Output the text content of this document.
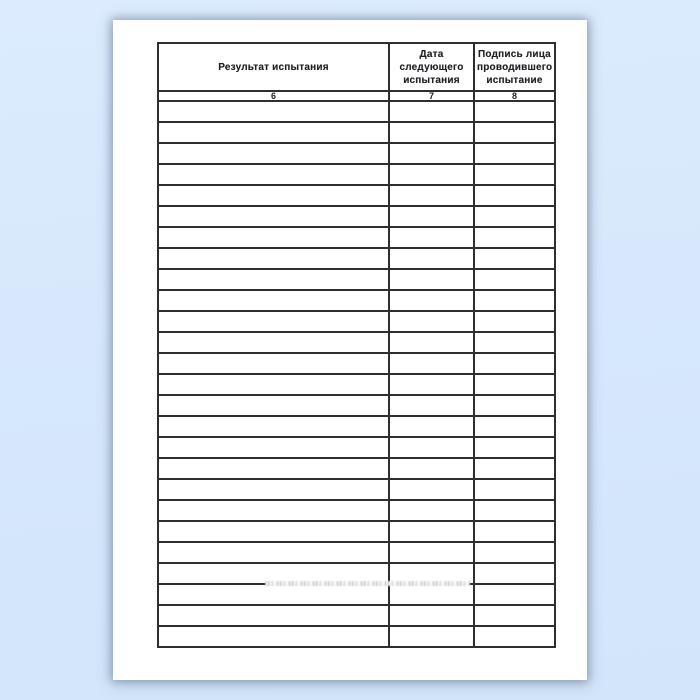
Результат испытания	Дата следующего испытания	Подпись лица проводившего испытание
6	7	8
